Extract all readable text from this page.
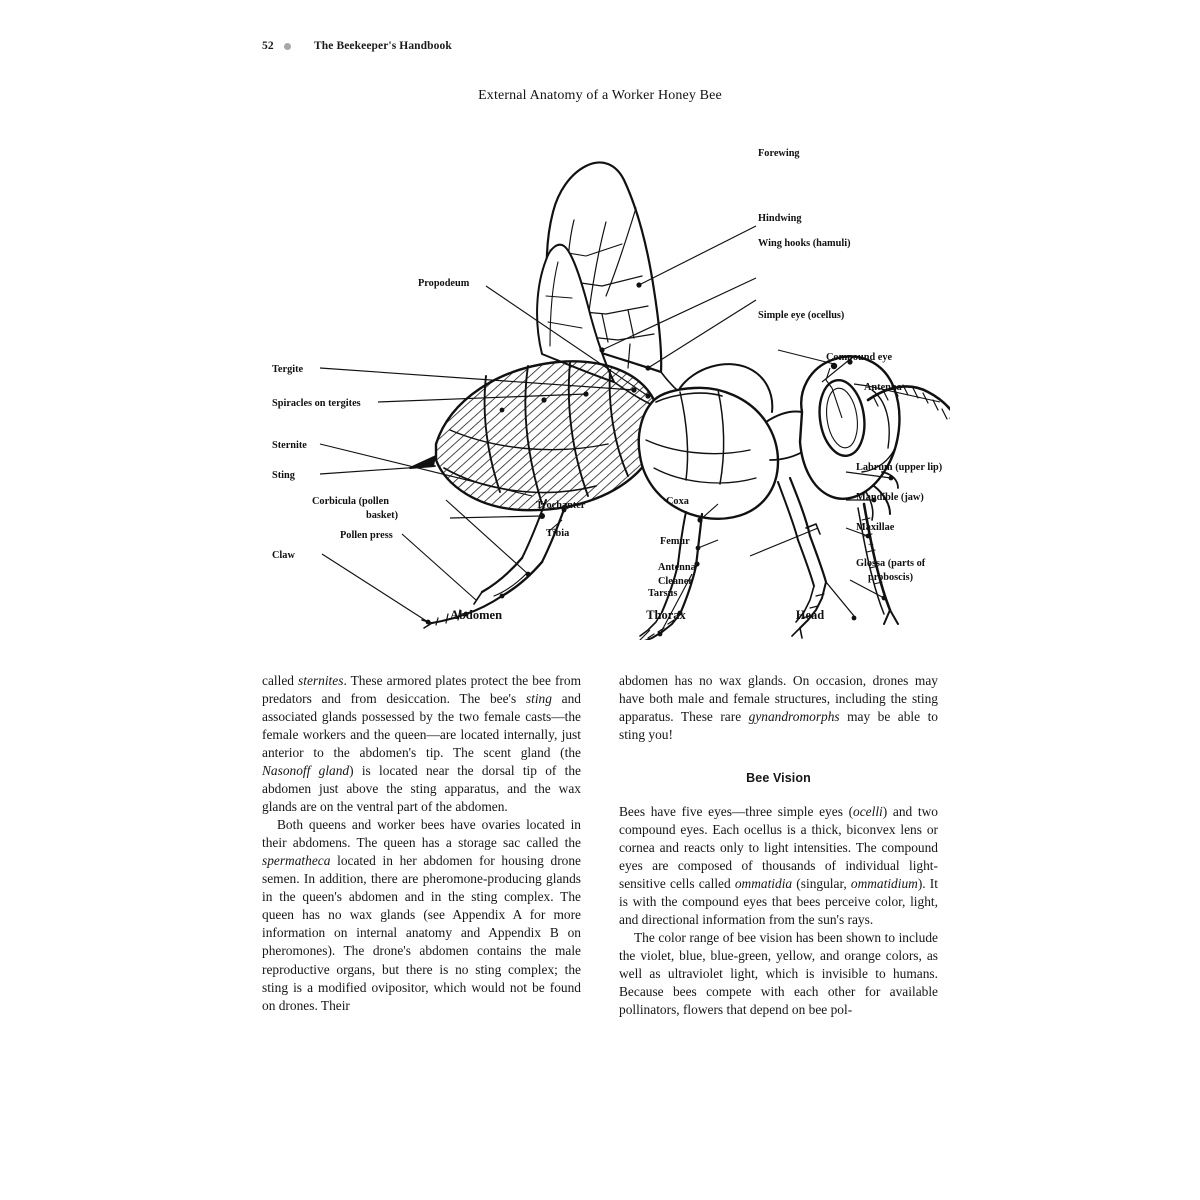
52	The Beekeeper's Handbook
External Anatomy of a Worker Honey Bee
Forewing
Hindwing
Wing hooks (hamuli)
Propodeum
Simple eye (ocellus)
Compound eye
Antenna
Tergite
Spiracles on tergites
Sternite
Sting
Corbicula (pollen
basket)
Pollen press
Claw
Trochanter
Tibia
Coxa
Femur
Antenna
Cleaner
Tarsus
Labrum (upper lip)
Mandible (jaw)
Maxillae
+
Glossa (parts of
proboscis)
Abdomen	Thorax	Head

called sternites. These armored plates protect the bee from predators and from desiccation. The bee's sting and associated glands possessed by the two female casts—the female workers and the queen—are located internally, just anterior to the abdomen's tip. The scent gland (the Nasonoff gland) is located near the dorsal tip of the abdomen just above the sting apparatus, and the wax glands are on the ventral part of the abdomen.

Both queens and worker bees have ovaries located in their abdomens. The queen has a storage sac called the spermatheca located in her abdomen for housing drone semen. In addition, there are pheromone-producing glands in the queen's abdomen and in the sting complex. The queen has no wax glands (see Appendix A for more information on internal anatomy and Appendix B on pheromones). The drone's abdomen contains the male reproductive organs, but there is no sting complex; the sting is a modified ovipositor, which would not be found on drones. Their

abdomen has no wax glands. On occasion, drones may have both male and female structures, including the sting apparatus. These rare gynandromorphs may be able to sting you!

Bee Vision

Bees have five eyes—three simple eyes (ocelli) and two compound eyes. Each ocellus is a thick, biconvex lens or cornea and reacts only to light intensities. The compound eyes are composed of thousands of individual light-sensitive cells called ommatidia (singular, ommatidium). It is with the compound eyes that bees perceive color, light, and directional information from the sun's rays.

The color range of bee vision has been shown to include the violet, blue, blue-green, yellow, and orange colors, as well as ultraviolet light, which is invisible to humans. Because bees compete with each other for available pollinators, flowers that depend on bee pol-
